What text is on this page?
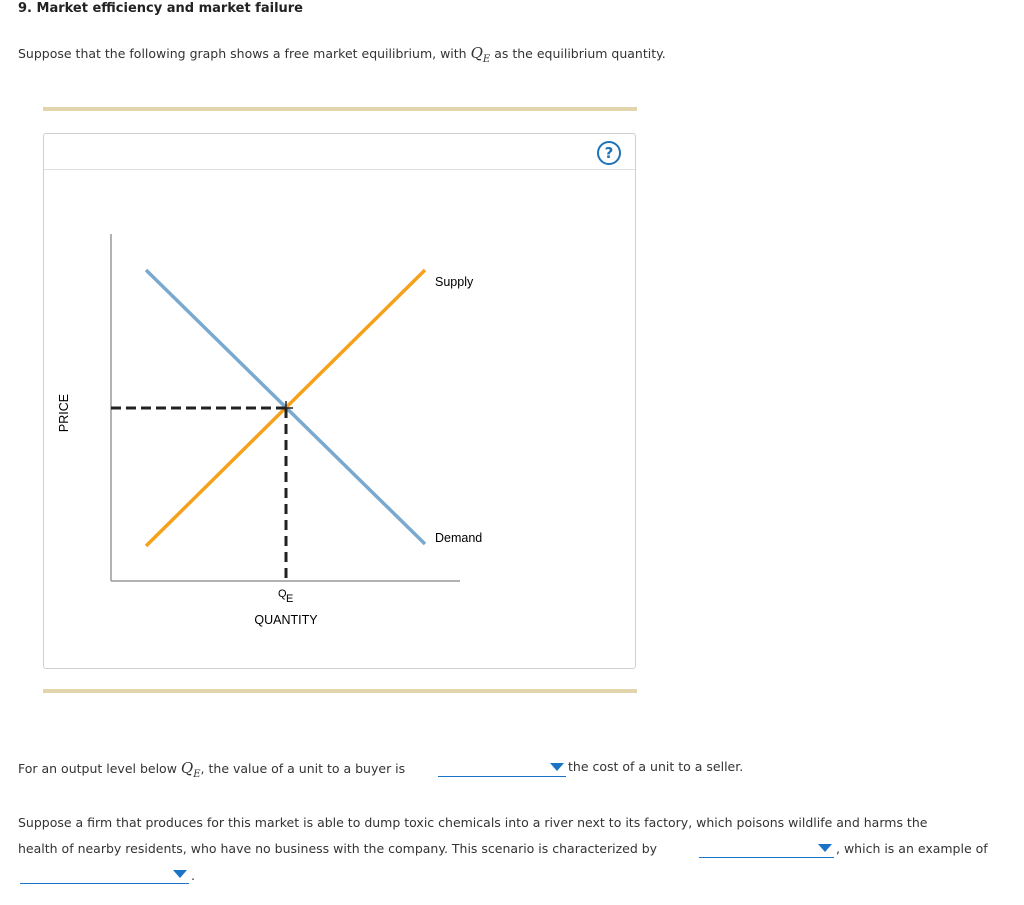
9. Market efficiency and market failure
Suppose that the following graph shows a free market equilibrium, with $Q_E$ as the equilibrium quantity.
?
Supply
Demand
PRICE
QUANTITY
Q E
For an output level below $Q_E$, the value of a unit to a buyer is	the cost of a unit to a seller.
Suppose a firm that produces for this market is able to dump toxic chemicals into a river next to its factory, which poisons wildlife and harms the
health of nearby residents, who have no business with the company. This scenario is characterized by	, which is an example of
.
